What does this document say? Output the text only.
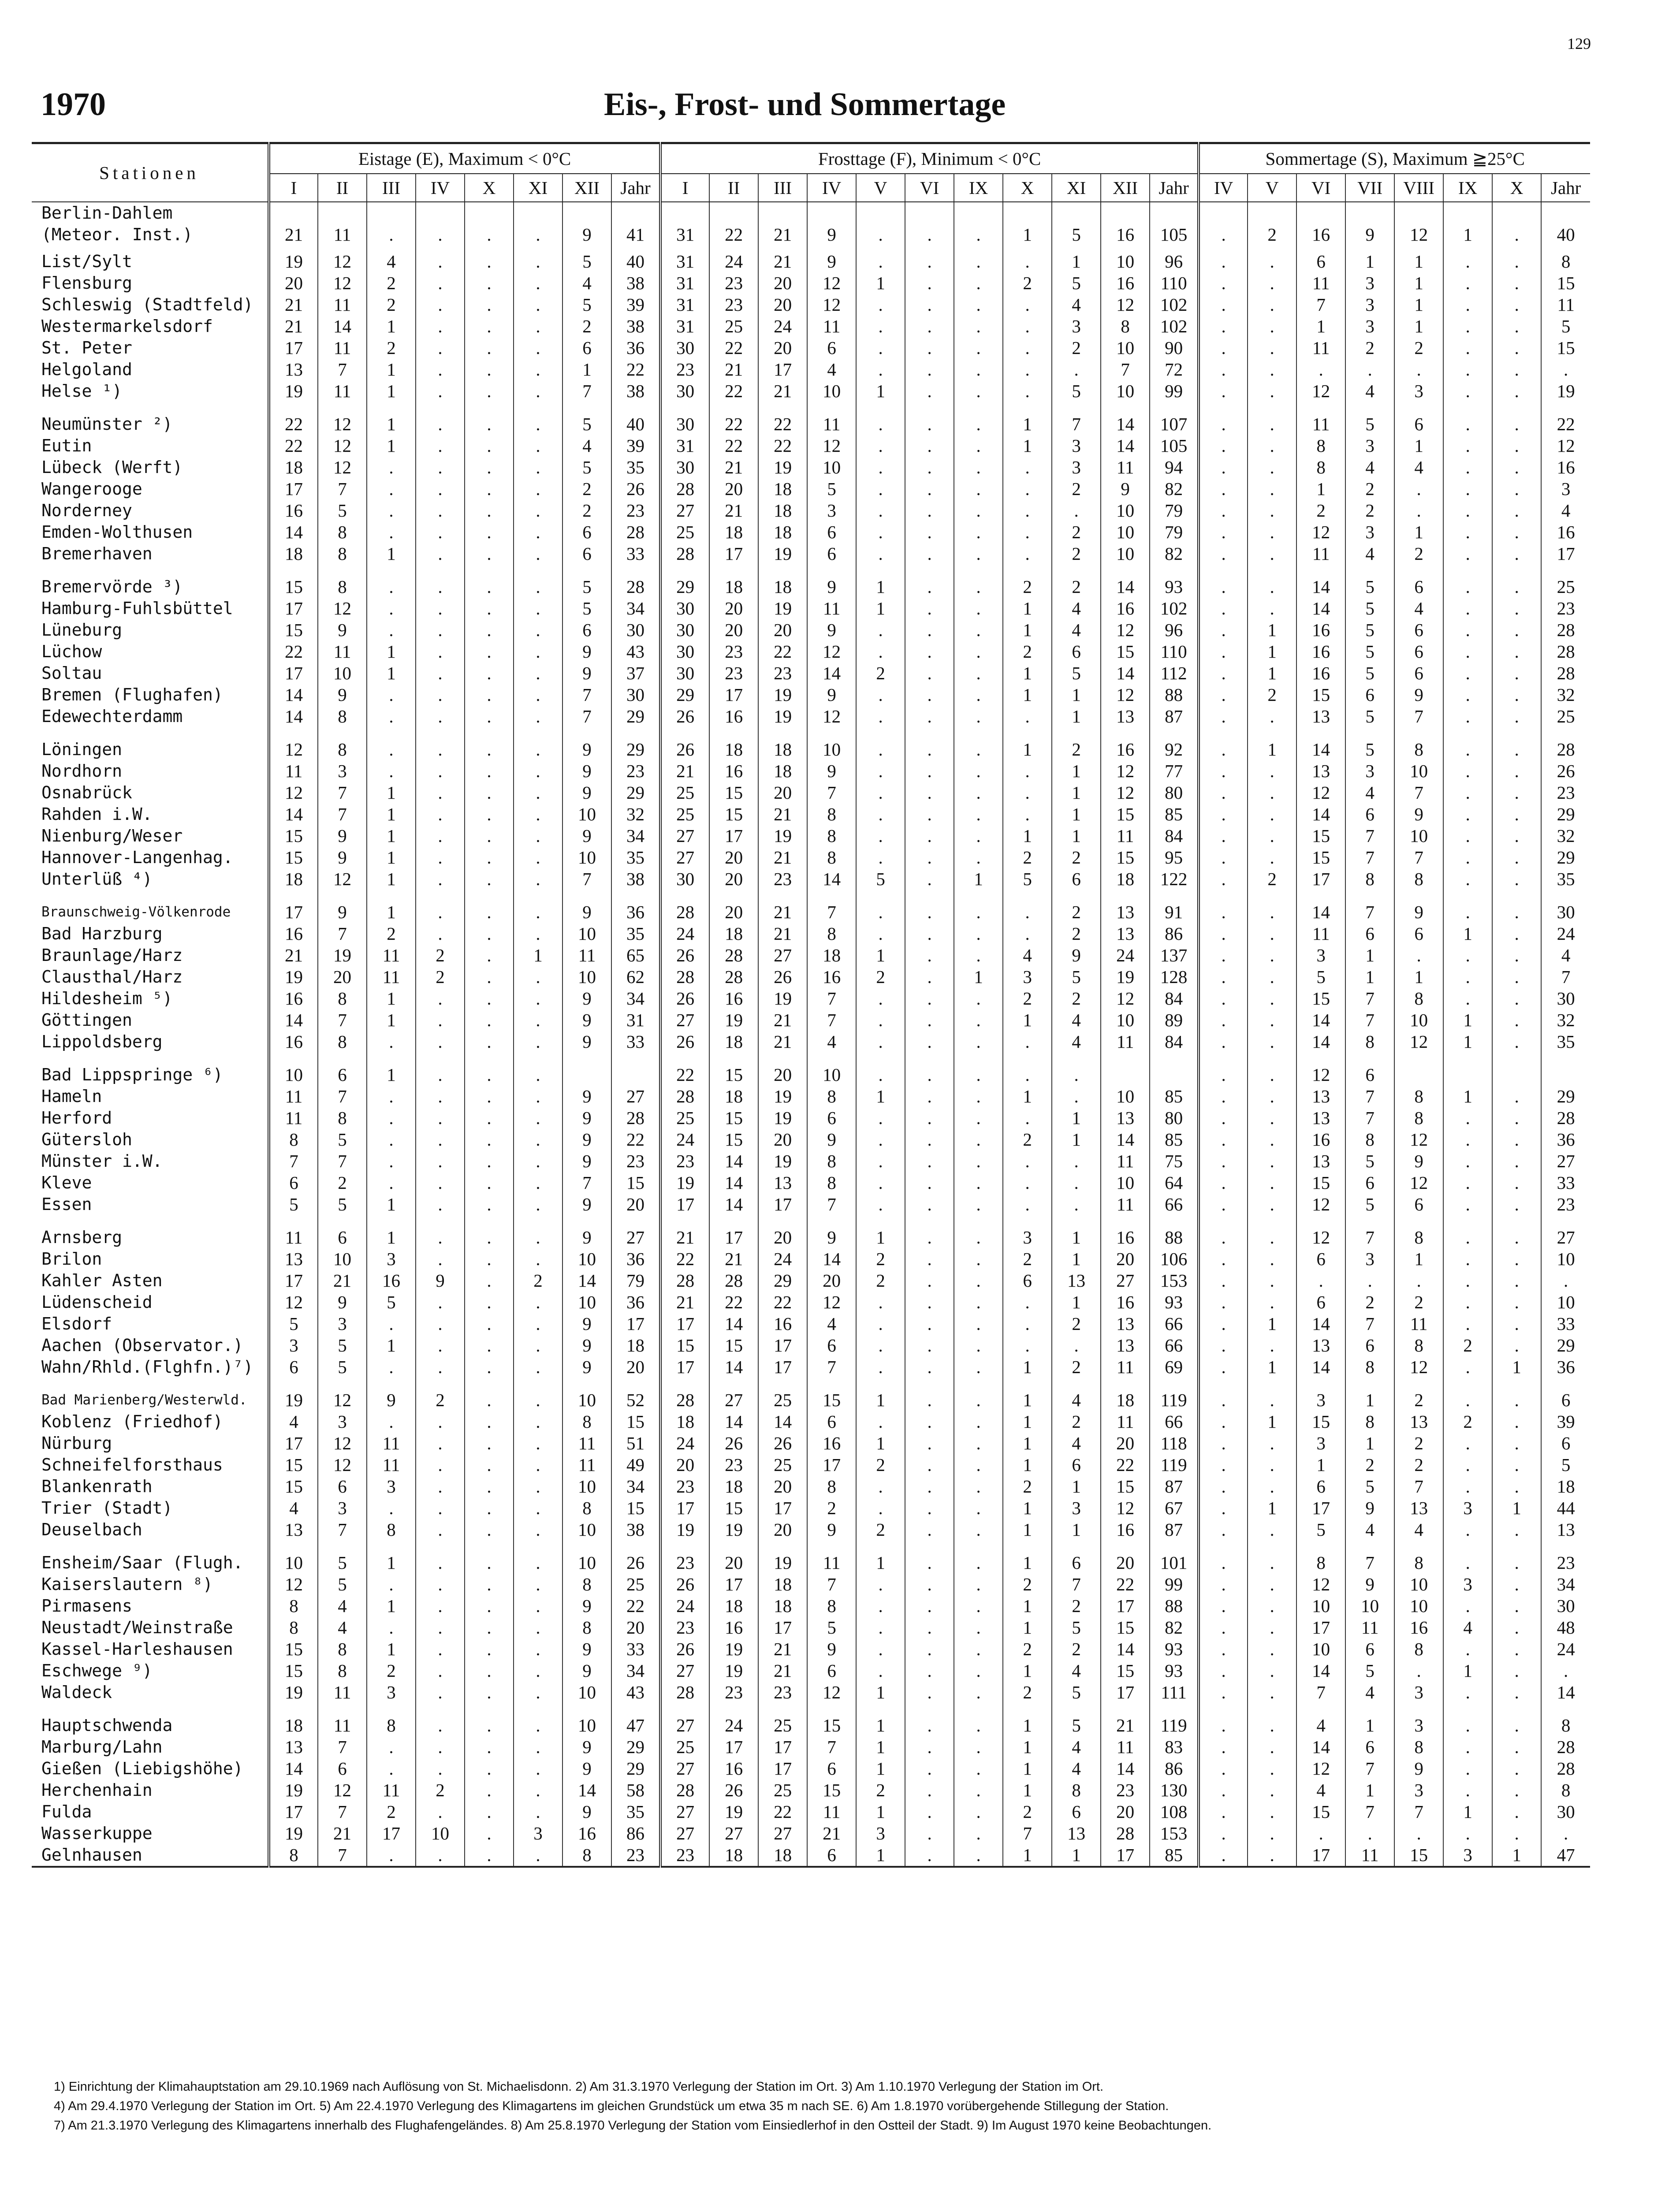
129
1970	Eis-, Frost- und Sommertage
Stationen	Eistage (E), Maximum < 0°C								Frosttage (F), Minimum < 0°C											Sommertage (S), Maximum ≧25°C							
	I	II	III	IV	X	XI	XII	Jahr	I	II	III	IV	V	VI	IX	X	XI	XII	Jahr	IV	V	VI	VII	VIII	IX	X	Jahr
Berlin-Dahlem																											
(Meteor. Inst.)	21	11	.	.	.	.	9	41	31	22	21	9	.	.	.	1	5	16	105	.	2	16	9	12	1	.	40

List/Sylt	19	12	4	.	.	.	5	40	31	24	21	9	.	.	.	.	1	10	96	.	.	6	1	1	.	.	8
Flensburg	20	12	2	.	.	.	4	38	31	23	20	12	1	.	.	2	5	16	110	.	.	11	3	1	.	.	15
Schleswig (Stadtfeld)	21	11	2	.	.	.	5	39	31	23	20	12	.	.	.	.	4	12	102	.	.	7	3	1	.	.	11
Westermarkelsdorf	21	14	1	.	.	.	2	38	31	25	24	11	.	.	.	.	3	8	102	.	.	1	3	1	.	.	5
St. Peter	17	11	2	.	.	.	6	36	30	22	20	6	.	.	.	.	2	10	90	.	.	11	2	2	.	.	15
Helgoland	13	7	1	.	.	.	1	22	23	21	17	4	.	.	.	.	.	7	72	.	.	.	.	.	.	.	.
Helse ¹)	19	11	1	.	.	.	7	38	30	22	21	10	1	.	.	.	5	10	99	.	.	12	4	3	.	.	19

Neumünster ²)	22	12	1	.	.	.	5	40	30	22	22	11	.	.	.	1	7	14	107	.	.	11	5	6	.	.	22
Eutin	22	12	1	.	.	.	4	39	31	22	22	12	.	.	.	1	3	14	105	.	.	8	3	1	.	.	12
Lübeck (Werft)	18	12	.	.	.	.	5	35	30	21	19	10	.	.	.	.	3	11	94	.	.	8	4	4	.	.	16
Wangerooge	17	7	.	.	.	.	2	26	28	20	18	5	.	.	.	.	2	9	82	.	.	1	2	.	.	.	3
Norderney	16	5	.	.	.	.	2	23	27	21	18	3	.	.	.	.	.	10	79	.	.	2	2	.	.	.	4
Emden-Wolthusen	14	8	.	.	.	.	6	28	25	18	18	6	.	.	.	.	2	10	79	.	.	12	3	1	.	.	16
Bremerhaven	18	8	1	.	.	.	6	33	28	17	19	6	.	.	.	.	2	10	82	.	.	11	4	2	.	.	17

Bremervörde ³)	15	8	.	.	.	.	5	28	29	18	18	9	1	.	.	2	2	14	93	.	.	14	5	6	.	.	25
Hamburg-Fuhlsbüttel	17	12	.	.	.	.	5	34	30	20	19	11	1	.	.	1	4	16	102	.	.	14	5	4	.	.	23
Lüneburg	15	9	.	.	.	.	6	30	30	20	20	9	.	.	.	1	4	12	96	.	1	16	5	6	.	.	28
Lüchow	22	11	1	.	.	.	9	43	30	23	22	12	.	.	.	2	6	15	110	.	1	16	5	6	.	.	28
Soltau	17	10	1	.	.	.	9	37	30	23	23	14	2	.	.	1	5	14	112	.	1	16	5	6	.	.	28
Bremen (Flughafen)	14	9	.	.	.	.	7	30	29	17	19	9	.	.	.	1	1	12	88	.	2	15	6	9	.	.	32
Edewechterdamm	14	8	.	.	.	.	7	29	26	16	19	12	.	.	.	.	1	13	87	.	.	13	5	7	.	.	25

Löningen	12	8	.	.	.	.	9	29	26	18	18	10	.	.	.	1	2	16	92	.	1	14	5	8	.	.	28
Nordhorn	11	3	.	.	.	.	9	23	21	16	18	9	.	.	.	.	1	12	77	.	.	13	3	10	.	.	26
Osnabrück	12	7	1	.	.	.	9	29	25	15	20	7	.	.	.	.	1	12	80	.	.	12	4	7	.	.	23
Rahden i.W.	14	7	1	.	.	.	10	32	25	15	21	8	.	.	.	.	1	15	85	.	.	14	6	9	.	.	29
Nienburg/Weser	15	9	1	.	.	.	9	34	27	17	19	8	.	.	.	1	1	11	84	.	.	15	7	10	.	.	32
Hannover-Langenhag.	15	9	1	.	.	.	10	35	27	20	21	8	.	.	.	2	2	15	95	.	.	15	7	7	.	.	29
Unterlüß ⁴)	18	12	1	.	.	.	7	38	30	20	23	14	5	.	1	5	6	18	122	.	2	17	8	8	.	.	35

Braunschweig-Völkenrode	17	9	1	.	.	.	9	36	28	20	21	7	.	.	.	.	2	13	91	.	.	14	7	9	.	.	30
Bad Harzburg	16	7	2	.	.	.	10	35	24	18	21	8	.	.	.	.	2	13	86	.	.	11	6	6	1	.	24
Braunlage/Harz	21	19	11	2	.	1	11	65	26	28	27	18	1	.	.	4	9	24	137	.	.	3	1	.	.	.	4
Clausthal/Harz	19	20	11	2	.	.	10	62	28	28	26	16	2	.	1	3	5	19	128	.	.	5	1	1	.	.	7
Hildesheim ⁵)	16	8	1	.	.	.	9	34	26	16	19	7	.	.	.	2	2	12	84	.	.	15	7	8	.	.	30
Göttingen	14	7	1	.	.	.	9	31	27	19	21	7	.	.	.	1	4	10	89	.	.	14	7	10	1	.	32
Lippoldsberg	16	8	.	.	.	.	9	33	26	18	21	4	.	.	.	.	4	11	84	.	.	14	8	12	1	.	35

Bad Lippspringe ⁶)	10	6	1	.	.	.			22	15	20	10	.	.	.	.	.			.	.	12	6				
Hameln	11	7	.	.	.	.	9	27	28	18	19	8	1	.	.	1	.	10	85	.	.	13	7	8	1	.	29
Herford	11	8	.	.	.	.	9	28	25	15	19	6	.	.	.	.	1	13	80	.	.	13	7	8	.	.	28
Gütersloh	8	5	.	.	.	.	9	22	24	15	20	9	.	.	.	2	1	14	85	.	.	16	8	12	.	.	36
Münster i.W.	7	7	.	.	.	.	9	23	23	14	19	8	.	.	.	.	.	11	75	.	.	13	5	9	.	.	27
Kleve	6	2	.	.	.	.	7	15	19	14	13	8	.	.	.	.	.	10	64	.	.	15	6	12	.	.	33
Essen	5	5	1	.	.	.	9	20	17	14	17	7	.	.	.	.	.	11	66	.	.	12	5	6	.	.	23

Arnsberg	11	6	1	.	.	.	9	27	21	17	20	9	1	.	.	3	1	16	88	.	.	12	7	8	.	.	27
Brilon	13	10	3	.	.	.	10	36	22	21	24	14	2	.	.	2	1	20	106	.	.	6	3	1	.	.	10
Kahler Asten	17	21	16	9	.	2	14	79	28	28	29	20	2	.	.	6	13	27	153	.	.	.	.	.	.	.	.
Lüdenscheid	12	9	5	.	.	.	10	36	21	22	22	12	.	.	.	.	1	16	93	.	.	6	2	2	.	.	10
Elsdorf	5	3	.	.	.	.	9	17	17	14	16	4	.	.	.	.	2	13	66	.	1	14	7	11	.	.	33
Aachen (Observator.)	3	5	1	.	.	.	9	18	15	15	17	6	.	.	.	.	.	13	66	.	.	13	6	8	2	.	29
Wahn/Rhld.(Flghfn.)⁷)	6	5	.	.	.	.	9	20	17	14	17	7	.	.	.	1	2	11	69	.	1	14	8	12	.	1	36

Bad Marienberg/Westerwld.	19	12	9	2	.	.	10	52	28	27	25	15	1	.	.	1	4	18	119	.	.	3	1	2	.	.	6
Koblenz (Friedhof)	4	3	.	.	.	.	8	15	18	14	14	6	.	.	.	1	2	11	66	.	1	15	8	13	2	.	39
Nürburg	17	12	11	.	.	.	11	51	24	26	26	16	1	.	.	1	4	20	118	.	.	3	1	2	.	.	6
Schneifelforsthaus	15	12	11	.	.	.	11	49	20	23	25	17	2	.	.	1	6	22	119	.	.	1	2	2	.	.	5
Blankenrath	15	6	3	.	.	.	10	34	23	18	20	8	.	.	.	2	1	15	87	.	.	6	5	7	.	.	18
Trier (Stadt)	4	3	.	.	.	.	8	15	17	15	17	2	.	.	.	1	3	12	67	.	1	17	9	13	3	1	44
Deuselbach	13	7	8	.	.	.	10	38	19	19	20	9	2	.	.	1	1	16	87	.	.	5	4	4	.	.	13

Ensheim/Saar (Flugh.	10	5	1	.	.	.	10	26	23	20	19	11	1	.	.	1	6	20	101	.	.	8	7	8	.	.	23
Kaiserslautern ⁸)	12	5	.	.	.	.	8	25	26	17	18	7	.	.	.	2	7	22	99	.	.	12	9	10	3	.	34
Pirmasens	8	4	1	.	.	.	9	22	24	18	18	8	.	.	.	1	2	17	88	.	.	10	10	10	.	.	30
Neustadt/Weinstraße	8	4	.	.	.	.	8	20	23	16	17	5	.	.	.	1	5	15	82	.	.	17	11	16	4	.	48
Kassel-Harleshausen	15	8	1	.	.	.	9	33	26	19	21	9	.	.	.	2	2	14	93	.	.	10	6	8	.	.	24
Eschwege ⁹)	15	8	2	.	.	.	9	34	27	19	21	6	.	.	.	1	4	15	93	.	.	14	5	.	1	.	.
Waldeck	19	11	3	.	.	.	10	43	28	23	23	12	1	.	.	2	5	17	111	.	.	7	4	3	.	.	14

Hauptschwenda	18	11	8	.	.	.	10	47	27	24	25	15	1	.	.	1	5	21	119	.	.	4	1	3	.	.	8
Marburg/Lahn	13	7	.	.	.	.	9	29	25	17	17	7	1	.	.	1	4	11	83	.	.	14	6	8	.	.	28
Gießen (Liebigshöhe)	14	6	.	.	.	.	9	29	27	16	17	6	1	.	.	1	4	14	86	.	.	12	7	9	.	.	28
Herchenhain	19	12	11	2	.	.	14	58	28	26	25	15	2	.	.	1	8	23	130	.	.	4	1	3	.	.	8
Fulda	17	7	2	.	.	.	9	35	27	19	22	11	1	.	.	2	6	20	108	.	.	15	7	7	1	.	30
Wasserkuppe	19	21	17	10	.	3	16	86	27	27	27	21	3	.	.	7	13	28	153	.	.	.	.	.	.	.	.
Gelnhausen	8	7	.	.	.	.	8	23	23	18	18	6	1	.	.	1	1	17	85	.	.	17	11	15	3	1	47
1) Einrichtung der Klimahauptstation am 29.10.1969 nach Auflösung von St. Michaelisdonn. 2) Am 31.3.1970 Verlegung der Station im Ort. 3) Am 1.10.1970 Verlegung der Station im Ort.
4) Am 29.4.1970 Verlegung der Station im Ort. 5) Am 22.4.1970 Verlegung des Klimagartens im gleichen Grundstück um etwa 35 m nach SE. 6) Am 1.8.1970 vorübergehende Stillegung der Station.
7) Am 21.3.1970 Verlegung des Klimagartens innerhalb des Flughafengeländes. 8) Am 25.8.1970 Verlegung der Station vom Einsiedlerhof in den Ostteil der Stadt. 9) Im August 1970 keine Beobachtungen.
